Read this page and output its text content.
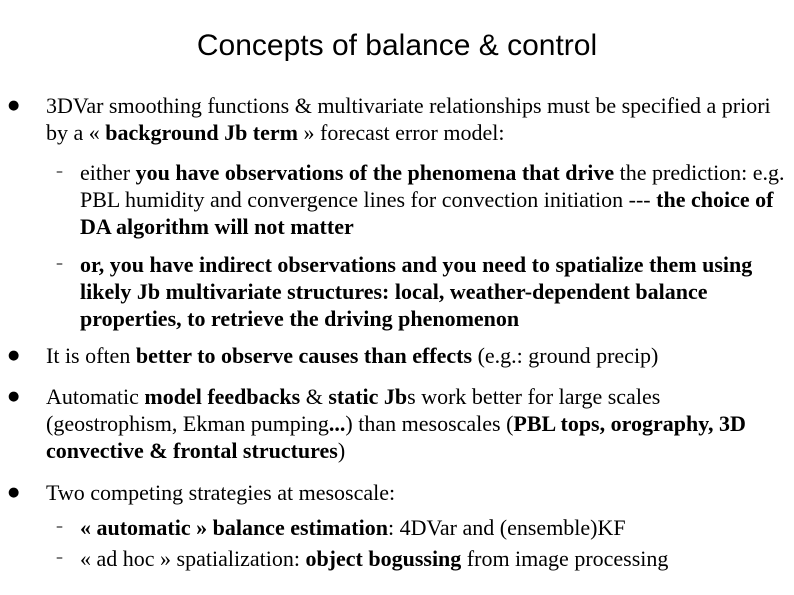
Concepts of balance & control
● 3DVar smoothing functions & multivariate relationships must be specified a priori by a « background Jb term » forecast error model:
– either you have observations of the phenomena that drive the prediction: e.g. PBL humidity and convergence lines for convection initiation --- the choice of DA algorithm will not matter
– or, you have indirect observations and you need to spatialize them using likely Jb multivariate structures: local, weather-dependent balance properties, to retrieve the driving phenomenon
● It is often better to observe causes than effects (e.g.: ground precip)
● Automatic model feedbacks & static Jbs work better for large scales (geostrophism, Ekman pumping...) than mesoscales (PBL tops, orography, 3D convective & frontal structures)
● Two competing strategies at mesoscale:
– « automatic » balance estimation: 4DVar and (ensemble)KF
– « ad hoc » spatialization: object bogussing from image processing
